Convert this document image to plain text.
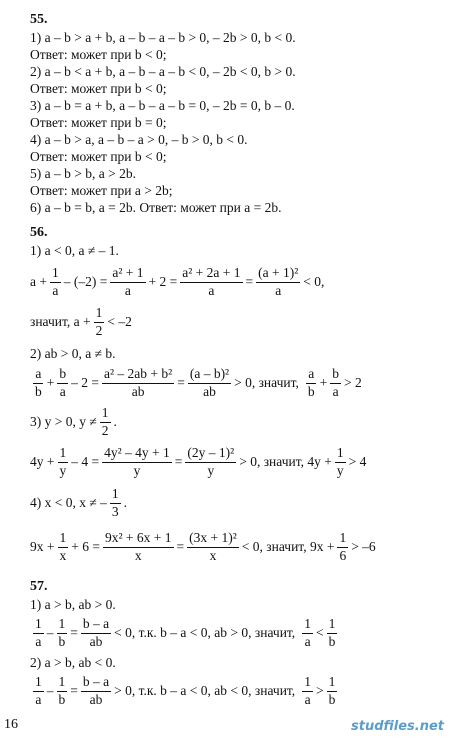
55.
1) a – b > a + b, a – b – a – b > 0, – 2b > 0, b < 0.
Ответ: может при b < 0;
2) a – b < a + b, a – b – a – b < 0, – 2b < 0, b > 0.
Ответ: может при b < 0;
3) a – b = a + b, a – b – a – b = 0, – 2b = 0, b – 0.
Ответ: может при b = 0;
4) a – b > a, a – b – a > 0, – b > 0, b < 0.
Ответ: может при b < 0;
5) a – b > b, a > 2b.
Ответ: может при a > 2b;
6) a – b = b, a = 2b. Ответ: может при a = 2b.
56.
1) a < 0, a ≠ – 1.
$a + \frac{1}{a} - (-2) = \frac{\text{a² + 1}}{a} + 2 = \frac{\text{a² + 2a + 1}}{a} = \frac{\text{(a + 1)²}}{a} < 0$,
значит, $a + \frac{1}{2} < -2$
2) ab > 0, a ≠ b.
a
b
+ $\frac{b}{a} - 2 = \frac{\text{a² – 2ab + b²}}{ab} = \frac{\text{(a – b)²}}{ab} > 0$, значит,
a
b
+ $\frac{b}{a} > 2$
3) y > 0, y ≠
1
2
.
$4y + \frac{1}{y} - 4 = \frac{\text{4y² – 4y + 1}}{y} = \frac{\text{(2y – 1)²}}{y} > 0$, значит, $4y + \frac{1}{y} > 4$
4) x < 0, x ≠ –
1
3
.
$9x + \frac{1}{x} + 6 = \frac{\text{9x² + 6x + 1}}{x} = \frac{\text{(3x + 1)²}}{x} < 0$, значит, $9x + \frac{1}{6} > -6$
57.
1) a > b, ab > 0.
1
a
– $\frac{1}{b} = \frac{b - a}{ab} < 0$, т.к. b – a < 0, ab > 0, значит,
1
a
<
1
b
2) a > b, ab < 0.
1
a
– $\frac{1}{b} = \frac{b - a}{ab} > 0$, т.к. b – a < 0, ab < 0, значит,
1
a
>
1
b
16	studfiles.net
